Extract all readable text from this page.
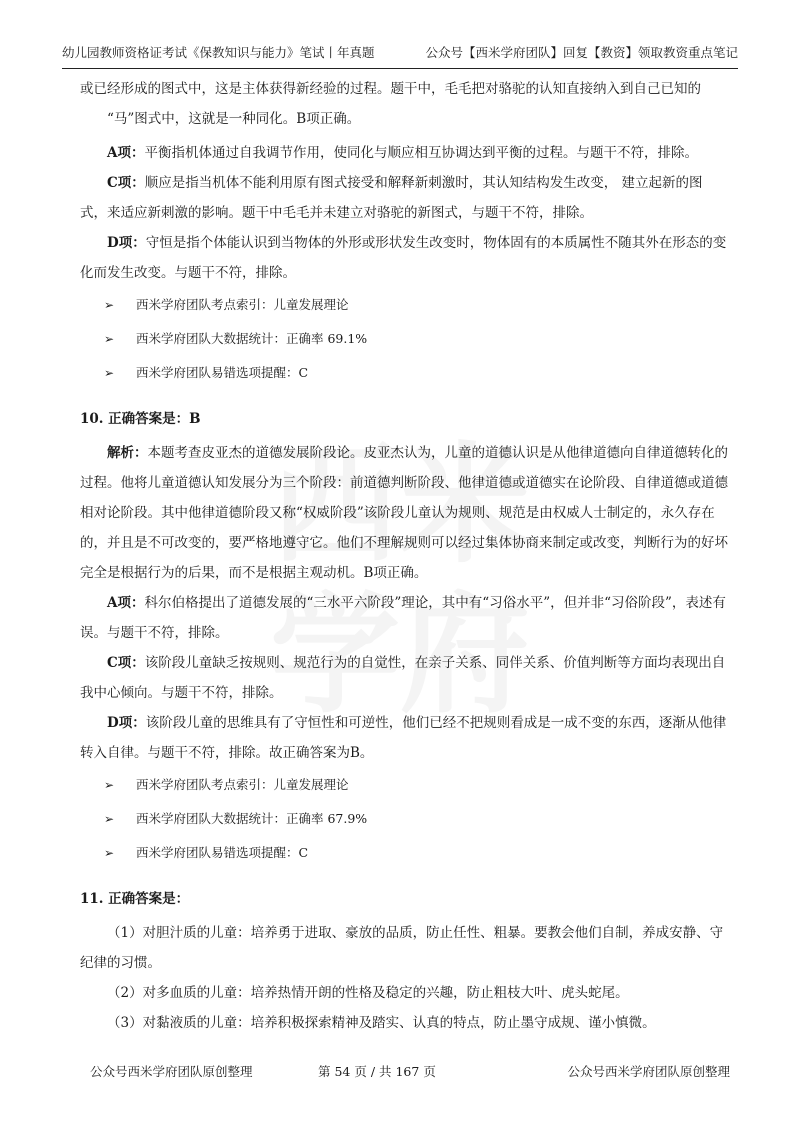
幼儿园教师资格证考试《保教知识与能力》笔试丨年真题	公众号【西米学府团队】回复【教资】领取教资重点笔记

或已经形成的图式中，这是主体获得新经验的过程。题干中，毛毛把对骆驼的认知直接纳入到自己已知的

“马”图式中，这就是一种同化。B项正确。

A项：平衡指机体通过自我调节作用，使同化与顺应相互协调达到平衡的过程。与题干不符，排除。

C项：顺应是指当机体不能利用原有图式接受和解释新刺激时，其认知结构发生改变， 建立起新的图式，来适应新刺激的影响。题干中毛毛并未建立对骆驼的新图式，与题干不符，排除。

D项：守恒是指个体能认识到当物体的外形或形状发生改变时，物体固有的本质属性不随其外在形态的变化而发生改变。与题干不符，排除。

➢ 西米学府团队考点索引：儿童发展理论

➢ 西米学府团队大数据统计：正确率 69.1%

➢ 西米学府团队易错选项提醒：C

10. 正确答案是：B

解析：本题考查皮亚杰的道德发展阶段论。皮亚杰认为，儿童的道德认识是从他律道德向自律道德转化的过程。他将儿童道德认知发展分为三个阶段：前道德判断阶段、他律道德或道德实在论阶段、自律道德或道德相对论阶段。其中他律道德阶段又称“权威阶段”该阶段儿童认为规则、规范是由权威人士制定的，永久存在的，并且是不可改变的，要严格地遵守它。他们不理解规则可以经过集体协商来制定或改变，判断行为的好坏完全是根据行为的后果，而不是根据主观动机。B项正确。

A项：科尔伯格提出了道德发展的“三水平六阶段”理论，其中有“习俗水平”，但并非“习俗阶段”，表述有误。与题干不符，排除。

C项：该阶段儿童缺乏按规则、规范行为的自觉性，在亲子关系、同伴关系、价值判断等方面均表现出自我中心倾向。与题干不符，排除。

D项：该阶段儿童的思维具有了守恒性和可逆性，他们已经不把规则看成是一成不变的东西，逐渐从他律转入自律。与题干不符，排除。故正确答案为B。

➢ 西米学府团队考点索引：儿童发展理论

➢ 西米学府团队大数据统计：正确率 67.9%

➢ 西米学府团队易错选项提醒：C

11. 正确答案是：

（1）对胆汁质的儿童：培养勇于进取、豪放的品质，防止任性、粗暴。要教会他们自制，养成安静、守纪律的习惯。

（2）对多血质的儿童：培养热情开朗的性格及稳定的兴趣，防止粗枝大叶、虎头蛇尾。

（3）对黏液质的儿童：培养积极探索精神及踏实、认真的特点，防止墨守成规、谨小慎微。

公众号西米学府团队原创整理	第 54 页 / 共 167 页	公众号西米学府团队原创整理
